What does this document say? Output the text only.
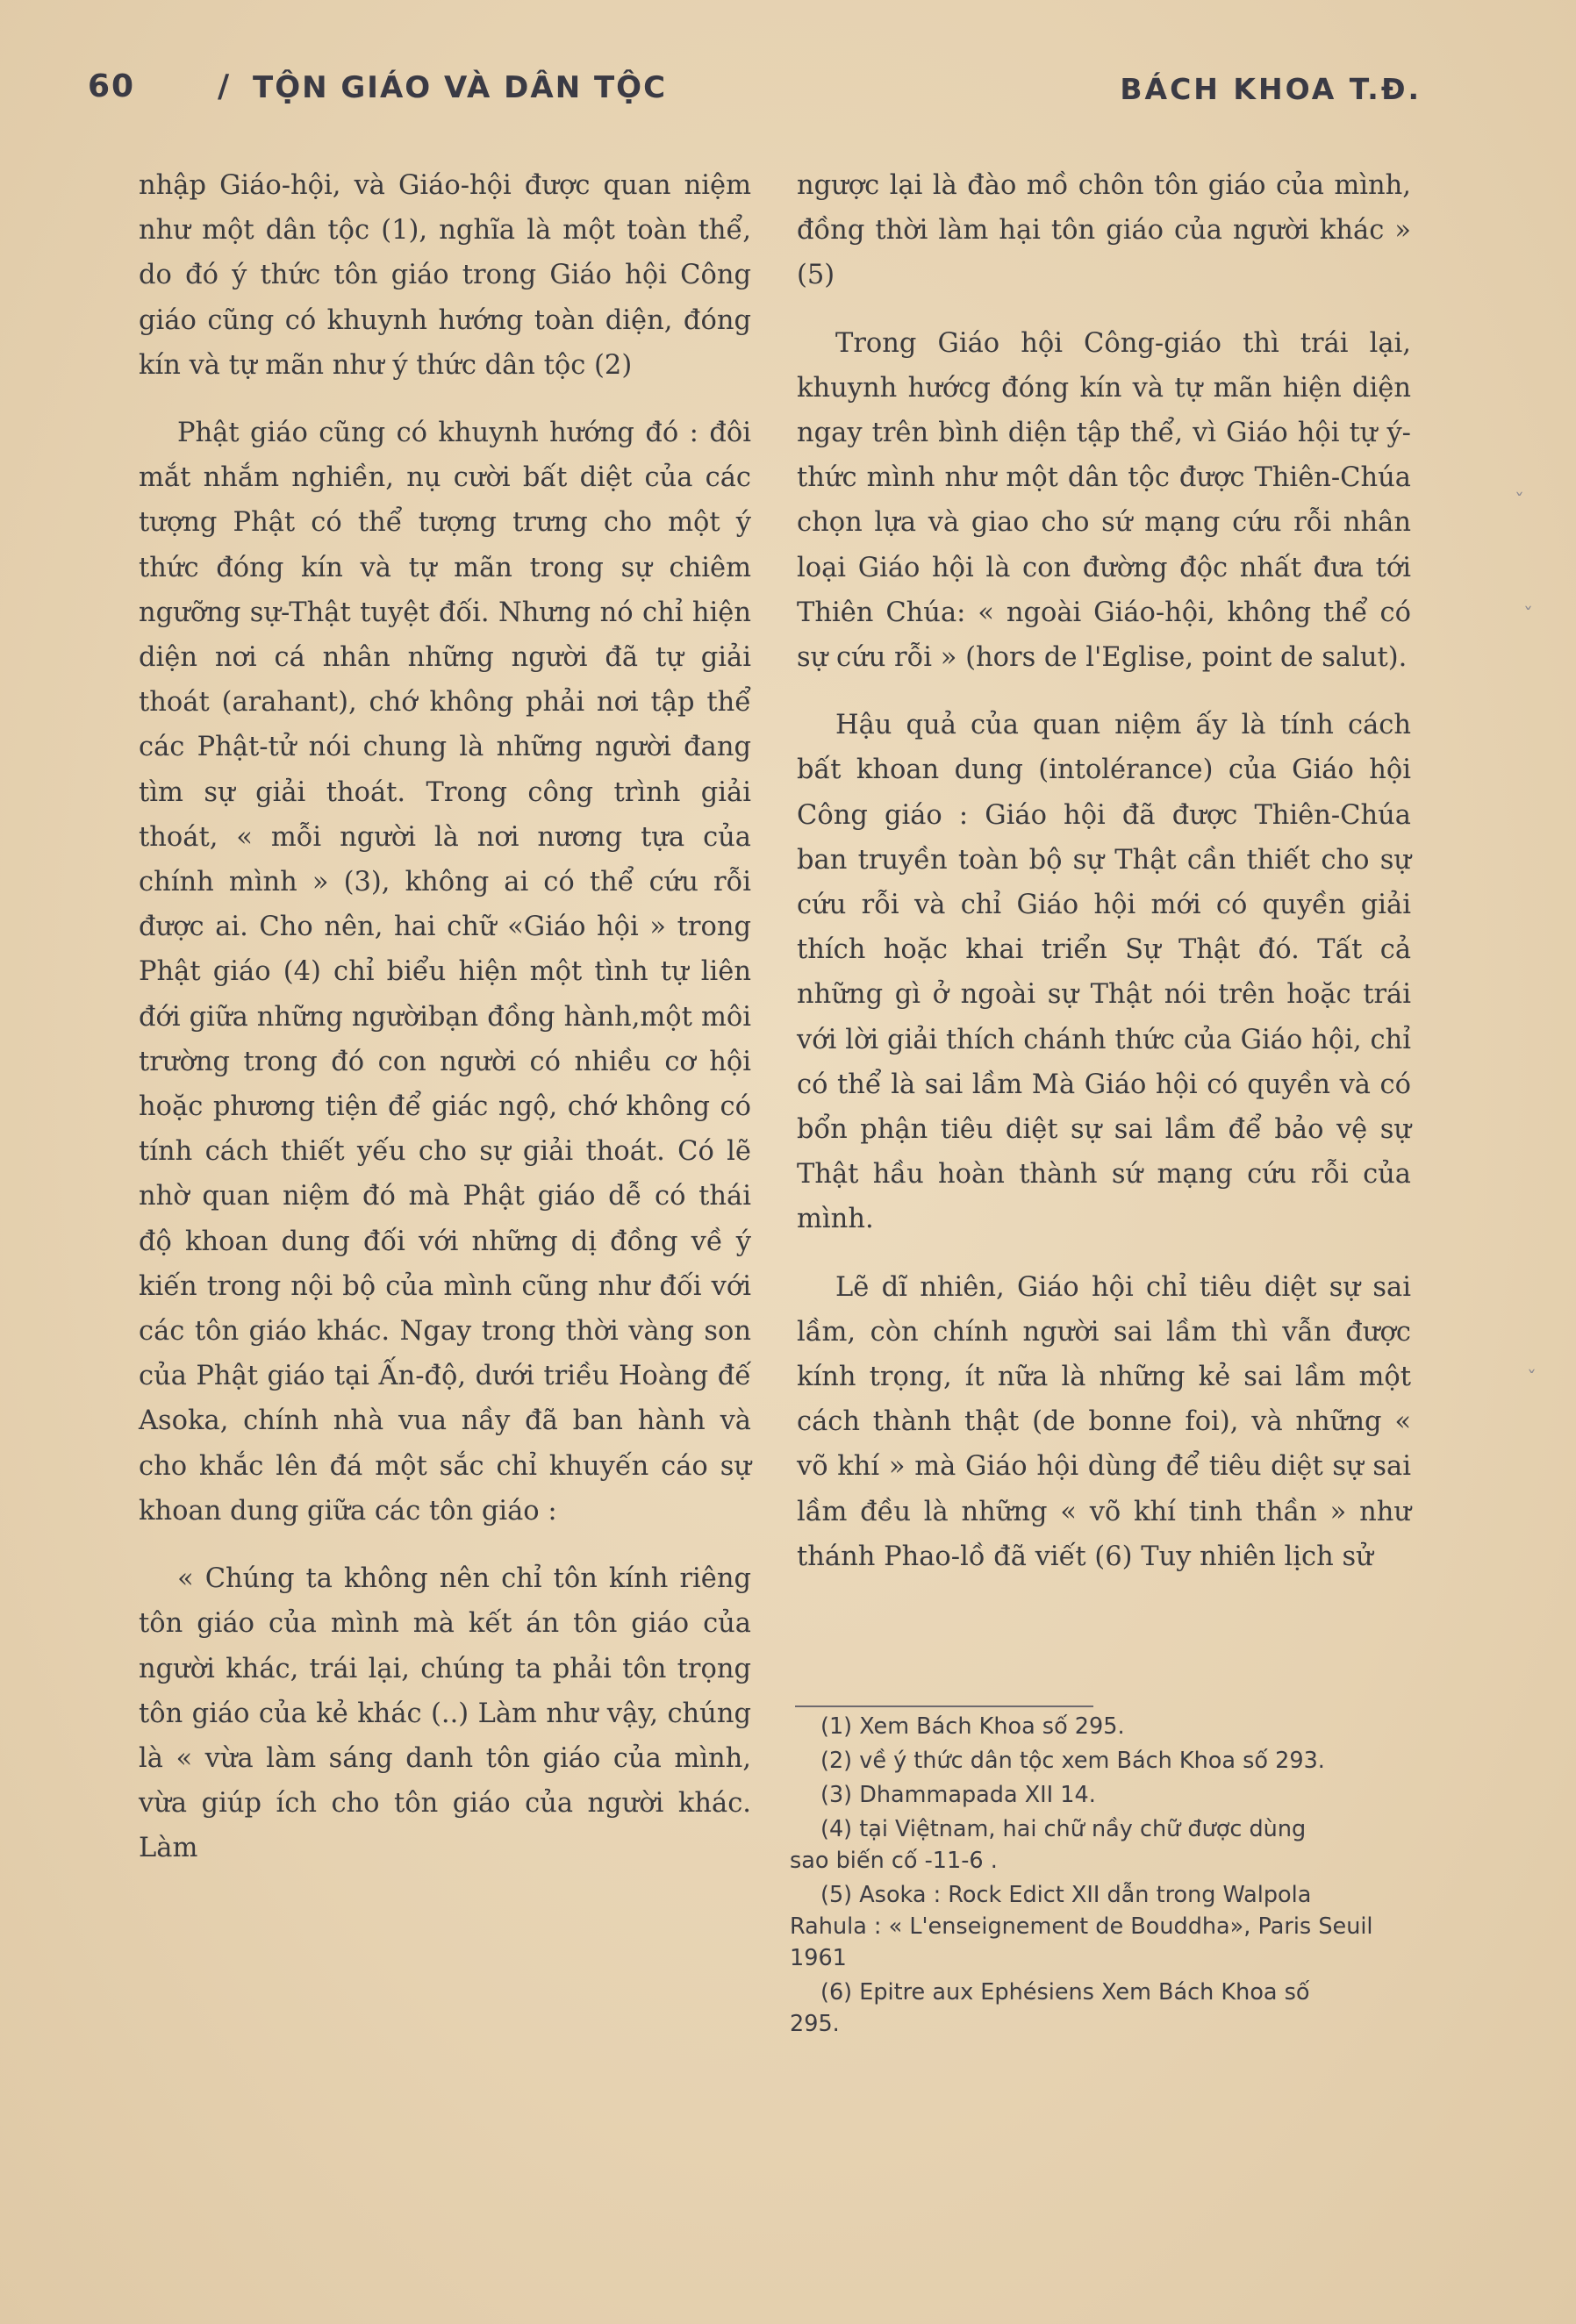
60	/ TỘN GIÁO VÀ DÂN TỘC	BÁCH KHOA T.Đ.

nhập Giáo-hội, và Giáo-hội được quan niệm như một dân tộc (1), nghĩa là một toàn thể, do đó ý thức tôn giáo trong Giáo hội Công giáo cũng có khuynh hướng toàn diện, đóng kín và tự mãn như ý thức dân tộc (2)

Phật giáo cũng có khuynh hướng đó : đôi mắt nhắm nghiền, nụ cười bất diệt của các tượng Phật có thể tượng trưng cho một ý thức đóng kín và tự mãn trong sự chiêm ngưỡng sự-Thật tuyệt đối. Nhưng nó chỉ hiện diện nơi cá nhân những người đã tự giải thoát (arahant), chớ không phải nơi tập thể các Phật-tử nói chung là những người đang tìm sự giải thoát. Trong công trình giải thoát, « mỗi người là nơi nương tựa của chính mình » (3), không ai có thể cứu rỗi được ai. Cho nên, hai chữ «Giáo hội » trong Phật giáo (4) chỉ biểu hiện một tình tự liên đới giữa những ngườibạn đồng hành,một môi trường trong đó con người có nhiều cơ hội hoặc phương tiện để giác ngộ, chớ không có tính cách thiết yếu cho sự giải thoát. Có lẽ nhờ quan niệm đó mà Phật giáo dễ có thái độ khoan dung đối với những dị đồng về ý kiến trong nội bộ của mình cũng như đối với các tôn giáo khác. Ngay trong thời vàng son của Phật giáo tại Ấn-độ, dưới triều Hoàng đế Asoka, chính nhà vua nầy đã ban hành và cho khắc lên đá một sắc chỉ khuyến cáo sự khoan dung giữa các tôn giáo :

« Chúng ta không nên chỉ tôn kính riêng tôn giáo của mình mà kết án tôn giáo của người khác, trái lại, chúng ta phải tôn trọng tôn giáo của kẻ khác (..) Làm như vậy, chúng là « vừa làm sáng danh tôn giáo của mình, vừa giúp ích cho tôn giáo của người khác. Làm

ngược lại là đào mồ chôn tôn giáo của mình, đồng thời làm hại tôn giáo của người khác » (5)

Trong Giáo hội Công-giáo thì trái lại, khuynh hướcg đóng kín và tự mãn hiện diện ngay trên bình diện tập thể, vì Giáo hội tự ý-thức mình như một dân tộc được Thiên-Chúa chọn lựa và giao cho sứ mạng cứu rỗi nhân loại Giáo hội là con đường độc nhất đưa tới Thiên Chúa: « ngoài Giáo-hội, không thể có sự cứu rỗi » (hors de l'Eglise, point de salut).

Hậu quả của quan niệm ấy là tính cách bất khoan dung (intolérance) của Giáo hội Công giáo : Giáo hội đã được Thiên-Chúa ban truyền toàn bộ sự Thật cần thiết cho sự cứu rỗi và chỉ Giáo hội mới có quyền giải thích hoặc khai triển Sự Thật đó. Tất cả những gì ở ngoài sự Thật nói trên hoặc trái với lời giải thích chánh thức của Giáo hội, chỉ có thể là sai lầm Mà Giáo hội có quyền và có bổn phận tiêu diệt sự sai lầm để bảo vệ sự Thật hầu hoàn thành sứ mạng cứu rỗi của mình.

Lẽ dĩ nhiên, Giáo hội chỉ tiêu diệt sự sai lầm, còn chính người sai lầm thì vẫn được kính trọng, ít nữa là những kẻ sai lầm một cách thành thật (de bonne foi), và những « võ khí » mà Giáo hội dùng để tiêu diệt sự sai lầm đều là những « võ khí tinh thần » như thánh Phao-lồ đã viết (6) Tuy nhiên lịch sử

(1) Xem Bách Khoa số 295.

(2) về ý thức dân tộc xem Bách Khoa số 293.

(3) Dhammapada XII 14.

(4) tại Việtnam, hai chữ nầy chữ được dùng
sao biến cố -11-6 .

(5) Asoka : Rock Edict XII dẫn trong Walpola
Rahula : « L'enseignement de Bouddha», Paris Seuil 1961

(6) Epitre aux Ephésiens Xem Bách Khoa số
295.

ˇ
ˇ
ˇ
